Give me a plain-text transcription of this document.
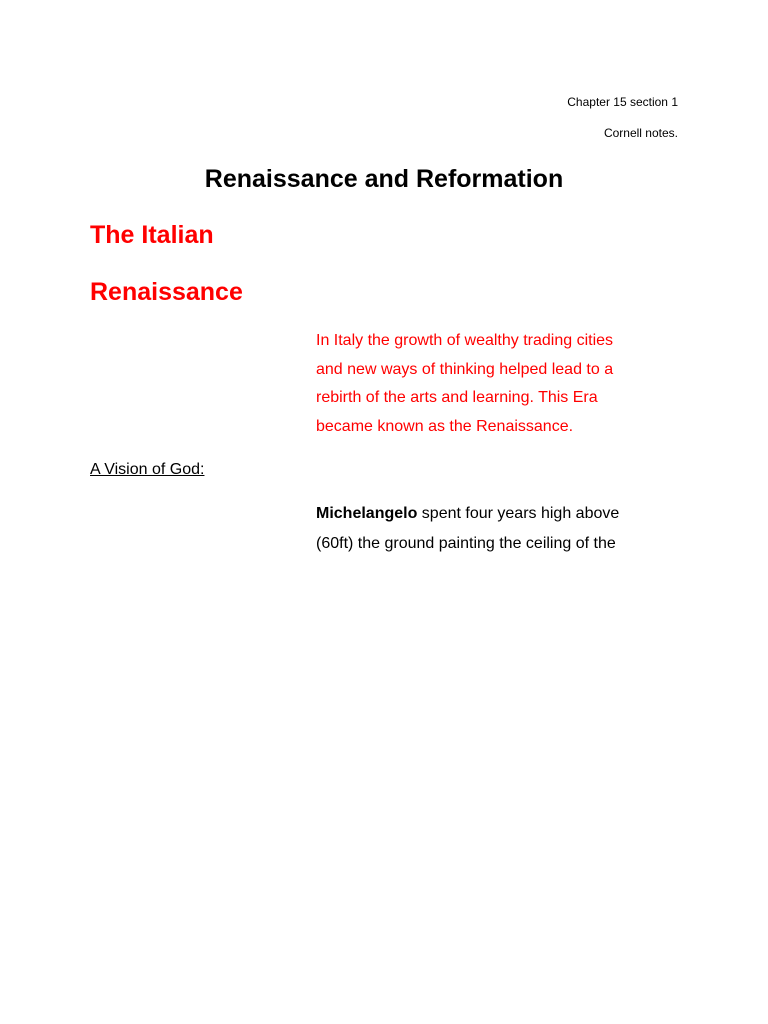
Chapter 15 section 1
Cornell notes.
Renaissance and Reformation
The Italian
Renaissance

In Italy the growth of wealthy trading cities
and new ways of thinking helped lead to a
rebirth of the arts and learning. This Era
became known as the Renaissance.

A Vision of God:

Michelangelo spent four years high above
(60ft) the ground painting the ceiling of the
